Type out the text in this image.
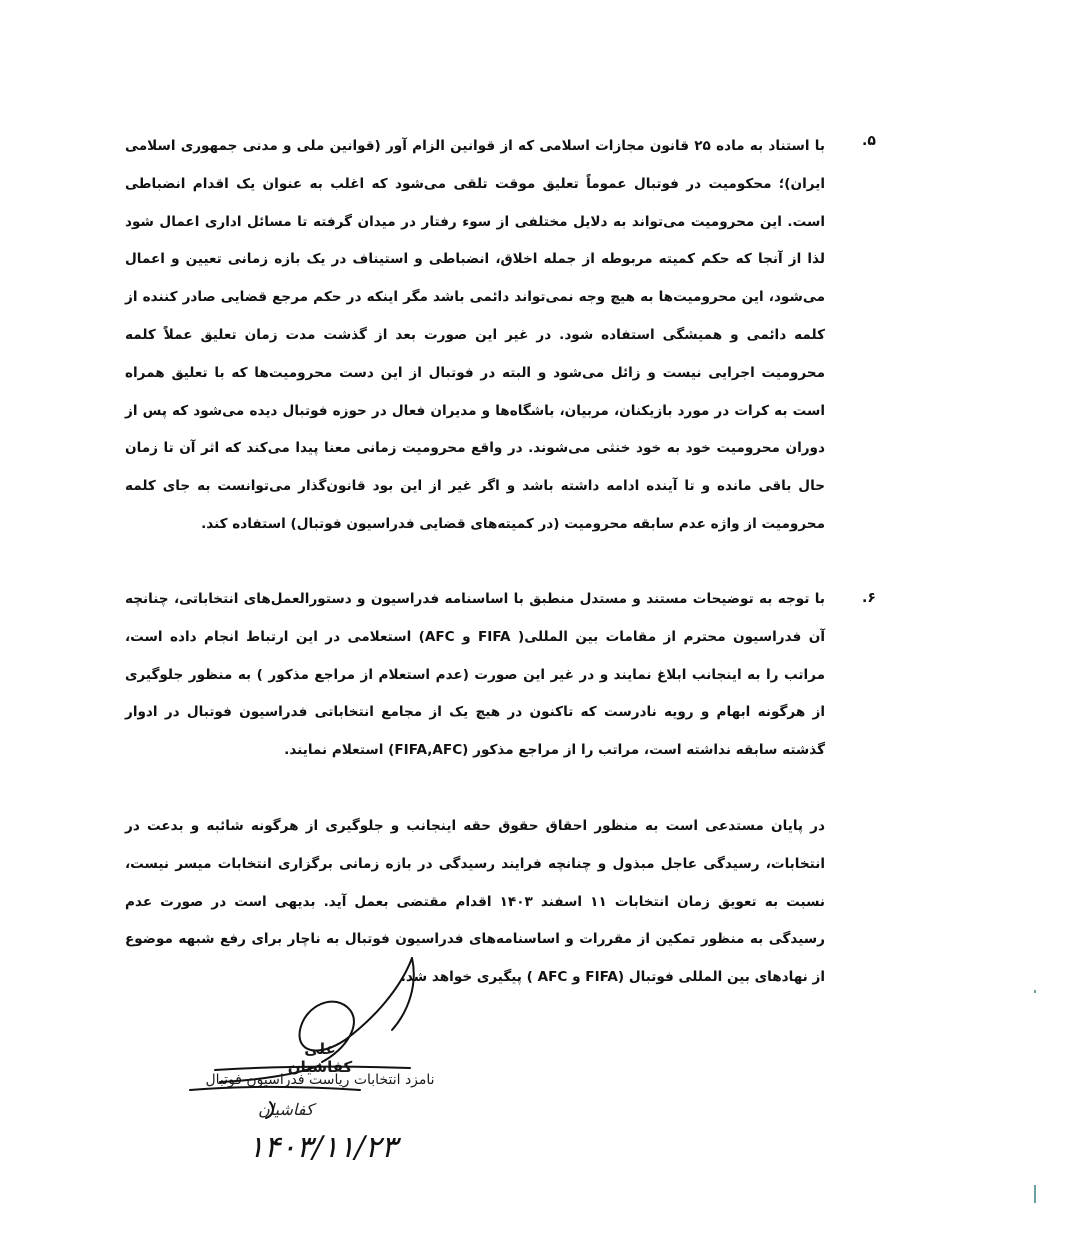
۵.

با استناد به ماده ۲۵ قانون مجازات اسلامی که از قوانین الزام آور (قوانین ملی و مدنی جمهوری اسلامی ایران)؛ محکومیت در فوتبال عموماً تعلیق موقت تلقی می‌شود که اغلب به عنوان یک اقدام انضباطی است. این محرومیت می‌تواند به دلایل مختلفی از سوء رفتار در میدان گرفته تا مسائل اداری اعمال شود لذا از آنجا که حکم کمیته مربوطه از جمله اخلاق، انضباطی و استیناف در یک بازه زمانی تعیین و اعمال می‌شود، این محرومیت‌ها به هیچ وجه نمی‌تواند دائمی باشد مگر اینکه در حکم مرجع قضایی صادر کننده از کلمه دائمی و همیشگی استفاده شود. در غیر این صورت بعد از گذشت مدت زمان تعلیق عملاً کلمه محرومیت اجرایی نیست و زائل می‌شود و البته در فوتبال از این دست محرومیت‌ها که با تعلیق همراه است به کرات در مورد بازیکنان، مربیان، باشگاه‌ها و مدیران فعال در حوزه فوتبال دیده می‌شود که پس از دوران محرومیت خود به خود خنثی می‌شوند. در واقع محرومیت زمانی معنا پیدا می‌کند که اثر آن تا زمان حال باقی مانده و تا آینده ادامه داشته باشد و اگر غیر از این بود قانون‌گذار می‌توانست به جای کلمه محرومیت از واژه عدم سابقه محرومیت (در کمیته‌های قضایی فدراسیون فوتبال) استفاده کند.

۶.

با توجه به توضیحات مستند و مستدل منطبق با اساسنامه فدراسیون و دستورالعمل‌های انتخاباتی، چنانچه آن فدراسیون محترم از مقامات بین المللی( FIFA و AFC) استعلامی در این ارتباط انجام داده است، مراتب را به اینجانب ابلاغ نمایند و در غیر این صورت (عدم استعلام از مراجع مذکور ) به منظور جلوگیری از هرگونه ابهام و رویه نادرست که تاکنون در هیچ یک از مجامع انتخاباتی فدراسیون فوتبال در ادوار گذشته سابقه نداشته است، مراتب را از مراجع مذکور (FIFA,AFC) استعلام نمایند.

در پایان مستدعی است به منظور احقاق حقوق حقه اینجانب و جلوگیری از هرگونه شائبه و بدعت در انتخابات، رسیدگی عاجل مبذول و چنانچه فرایند رسیدگی در بازه زمانی برگزاری انتخابات میسر نیست، نسبت به تعویق زمان انتخابات ۱۱ اسفند ۱۴۰۳ اقدام مقتضی بعمل آید. بدیهی است در صورت عدم رسیدگی به منظور تمکین از مقررات و اساسنامه‌های فدراسیون فوتبال به ناچار برای رفع شبهه موضوع از نهادهای بین المللی فوتبال (FIFA و AFC ) پیگیری خواهد شد.

علی کفاشیان
نامزد انتخابات ریاست فدراسیون فوتبال
کفاشیان
۱۴۰۳/۱۱/۲۳
